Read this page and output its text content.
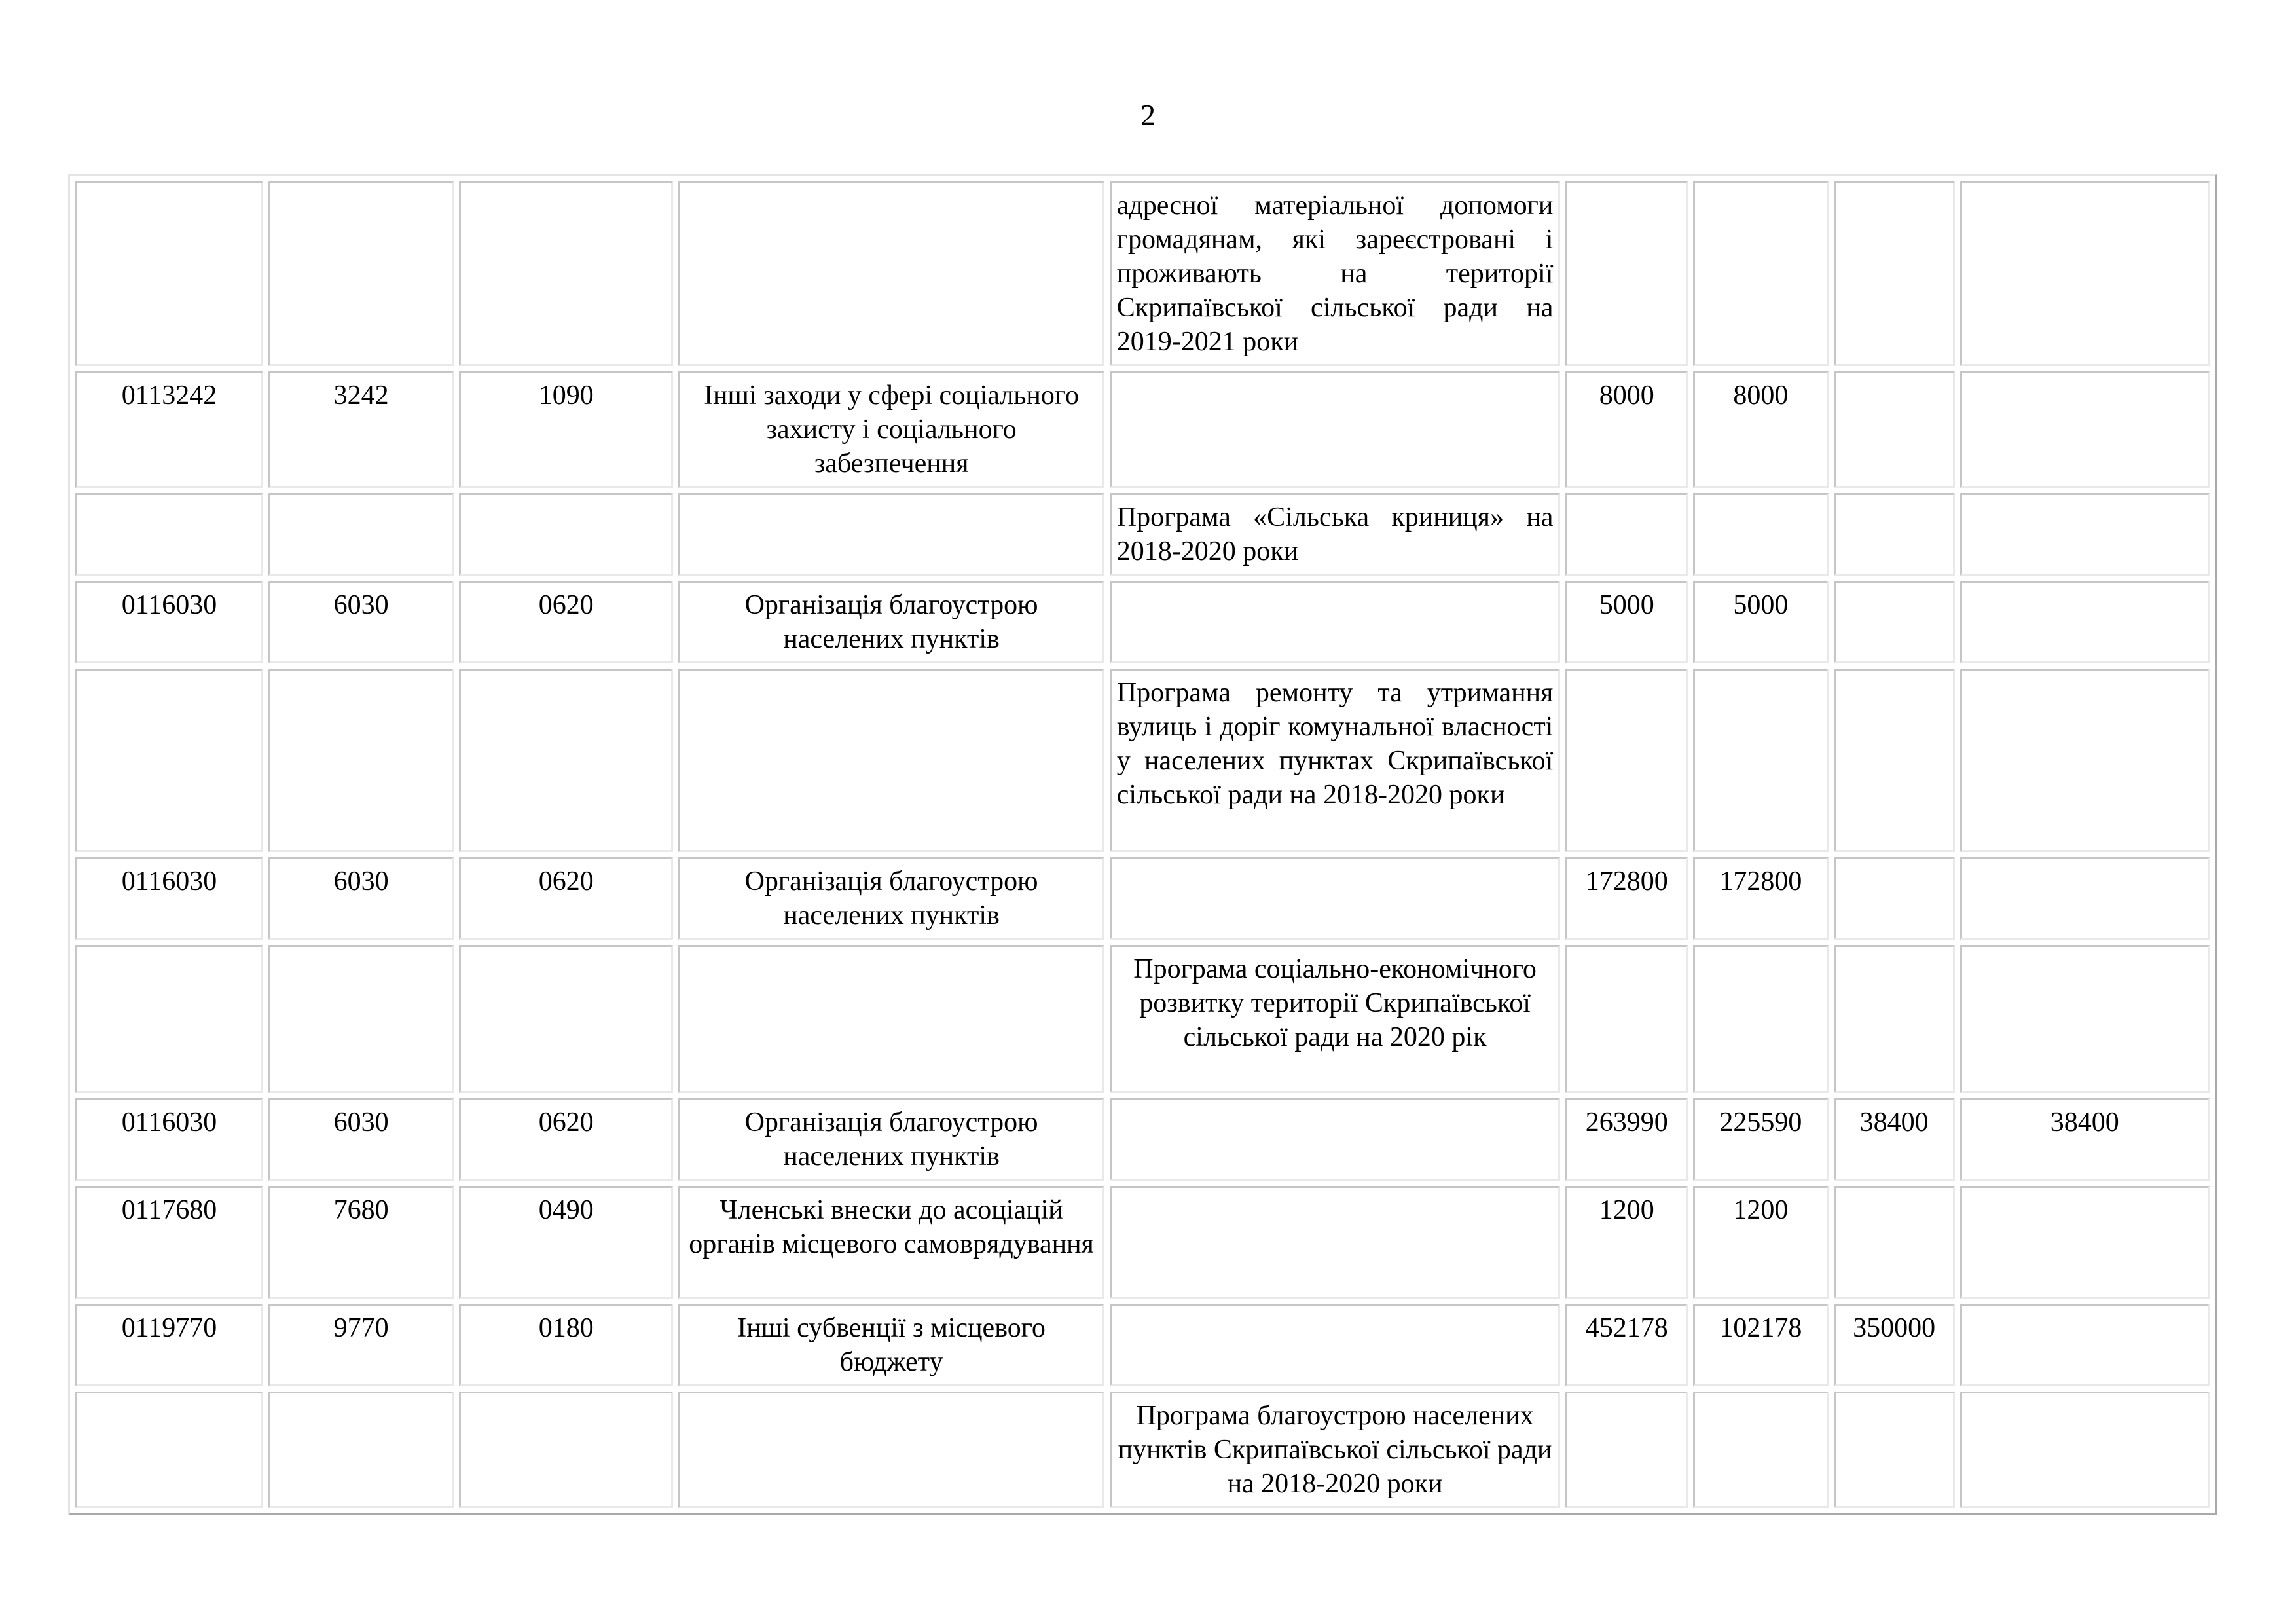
2
				адресної матеріальної допомоги громадянам, які зареєстровані і проживають на території Скрипаївської сільської ради на 2019-2021 роки				
0113242	3242	1090	Інші заходи у сфері соціального захисту і соціального забезпечення		8000	8000		
				Програма «Сільська криниця» на 2018-2020 роки				
0116030	6030	0620	Організація благоустрою населених пунктів		5000	5000		
				Програма ремонту та утримання вулиць і доріг комунальної власності у населених пунктах Скрипаївської сільської ради на 2018-2020 роки				
0116030	6030	0620	Організація благоустрою населених пунктів		172800	172800		
				Програма соціально-економічного розвитку території Скрипаївської сільської ради на 2020 рік				
0116030	6030	0620	Організація благоустрою населених пунктів		263990	225590	38400	38400
0117680	7680	0490	Членські внески до асоціацій органів місцевого самоврядування		1200	1200		
0119770	9770	0180	Інші субвенції з місцевого бюджету		452178	102178	350000	
				Програма благоустрою населених пунктів Скрипаївської сільської ради на 2018-2020 роки				
